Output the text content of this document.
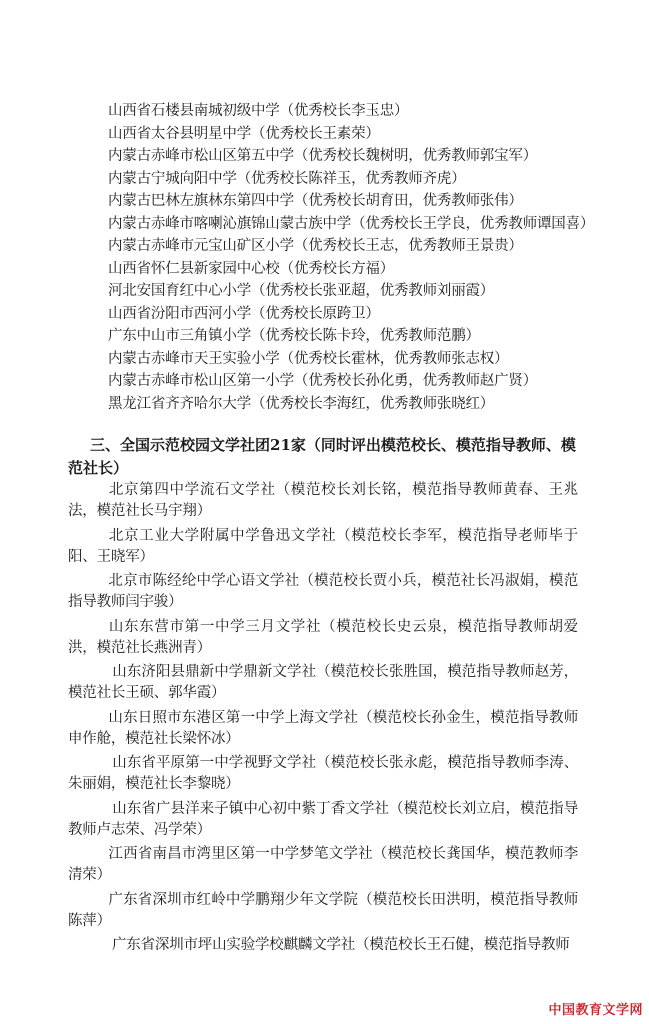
山西省石楼县南城初级中学（优秀校长李玉忠）
山西省太谷县明星中学（优秀校长王素荣）
内蒙古赤峰市松山区第五中学（优秀校长魏树明，优秀教师郭宝军）
内蒙古宁城向阳中学（优秀校长陈祥玉，优秀教师齐虎）
内蒙古巴林左旗林东第四中学（优秀校长胡育田，优秀教师张伟）
内蒙古赤峰市喀喇沁旗锦山蒙古族中学（优秀校长王学良，优秀教师谭国喜）
内蒙古赤峰市元宝山矿区小学（优秀校长王志，优秀教师王景贵）
山西省怀仁县新家园中心校（优秀校长方福）
河北安国育红中心小学（优秀校长张亚超，优秀教师刘丽霞）
山西省汾阳市西河小学（优秀校长原跨卫）
广东中山市三角镇小学（优秀校长陈卡玲，优秀教师范鹏）
内蒙古赤峰市天王实验小学（优秀校长霍林，优秀教师张志权）
内蒙古赤峰市松山区第一小学（优秀校长孙化勇，优秀教师赵广贤）
黑龙江省齐齐哈尔大学（优秀校长李海红，优秀教师张晓红）
三、全国示范校园文学社团21家（同时评出模范校长、模范指导教师、模范社长）
北京第四中学流石文学社（模范校长刘长铭，模范指导教师黄春、王兆法，模范社长马宇翔）
北京工业大学附属中学鲁迅文学社（模范校长李军，模范指导老师毕于阳、王晓军）
北京市陈经纶中学心语文学社（模范校长贾小兵，模范社长冯淑娟，模范指导教师闫宇骏）
山东东营市第一中学三月文学社（模范校长史云泉，模范指导教师胡爱洪，模范社长燕洲青）
山东济阳县鼎新中学鼎新文学社（模范校长张胜国，模范指导教师赵芳，模范社长王硕、郭华霞）
山东日照市东港区第一中学上海文学社（模范校长孙金生，模范指导教师申作舱，模范社长梁怀冰）
山东省平原第一中学视野文学社（模范校长张永彪，模范指导教师李涛、朱丽娟，模范社长李黎晓）
山东省广县洋来子镇中心初中紫丁香文学社（模范校长刘立启，模范指导教师卢志荣、冯学荣）
江西省南昌市湾里区第一中学梦笔文学社（模范校长龚国华，模范教师李清荣）
广东省深圳市红岭中学鹏翔少年文学院（模范校长田洪明，模范指导教师陈萍）
广东省深圳市坪山实验学校麒麟文学社（模范校长王石健，模范指导教师
中国教育文学网
